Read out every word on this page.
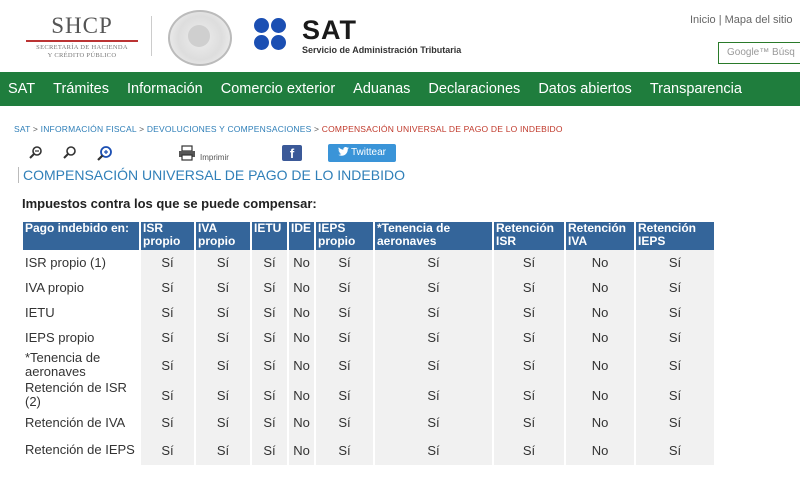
SHCP
SECRETARÍA DE HACIENDA
Y CRÉDITO PÚBLICO
SAT
Servicio de Administración Tributaria
Inicio | Mapa del sitio
Google™ Búsq
SAT Trámites Información Comercio exterior Aduanas Declaraciones Datos abiertos Transparencia
SAT > INFORMACIÓN FISCAL > DEVOLUCIONES Y COMPENSACIONES > COMPENSACIÓN UNIVERSAL DE PAGO DE LO INDEBIDO
Imprimir	f	Twittear
COMPENSACIÓN UNIVERSAL DE PAGO DE LO INDEBIDO
Impuestos contra los que se puede compensar:
Pago indebido en:	ISR propio	IVA propio	IETU	IDE	IEPS propio	*Tenencia de aeronaves	Retención ISR	Retención IVA	Retención IEPS
ISR propio (1)	Sí	Sí	Sí	No	Sí	Sí	Sí	No	Sí
IVA propio	Sí	Sí	Sí	No	Sí	Sí	Sí	No	Sí
IETU	Sí	Sí	Sí	No	Sí	Sí	Sí	No	Sí
IEPS propio	Sí	Sí	Sí	No	Sí	Sí	Sí	No	Sí
*Tenencia de aeronaves	Sí	Sí	Sí	No	Sí	Sí	Sí	No	Sí
Retención de ISR (2)	Sí	Sí	Sí	No	Sí	Sí	Sí	No	Sí
Retención de IVA	Sí	Sí	Sí	No	Sí	Sí	Sí	No	Sí
Retención de IEPS	Sí	Sí	Sí	No	Sí	Sí	Sí	No	Sí
